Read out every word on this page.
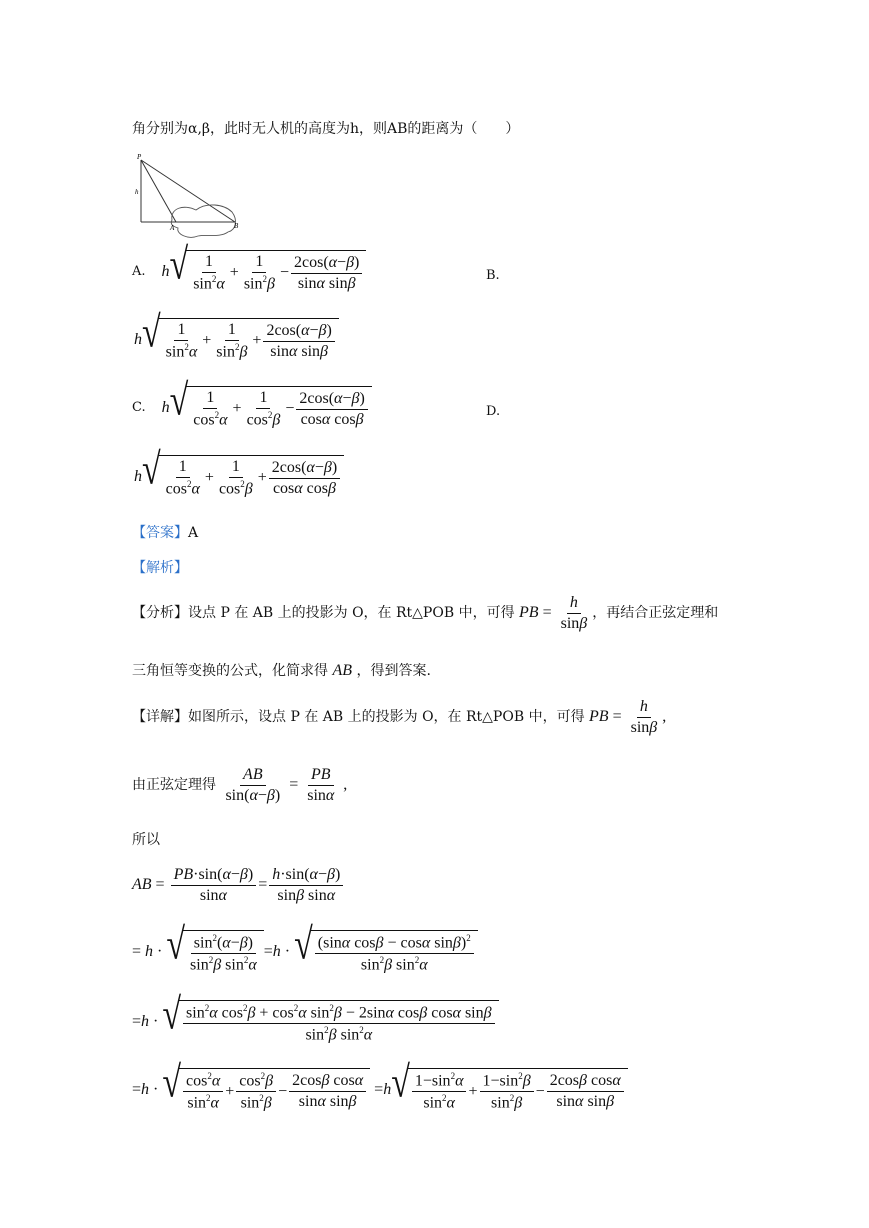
角分别为α,β，此时无人机的高度为h，则AB的距离为（　　）
P
h
A	B
A. h √ $\frac{1}{\sin^2\alpha} + \frac{1}{\sin^2\beta} - \frac{2\cos(\alpha-\beta)}{\text{sinα sinβ}}$	B.
h √ $\frac{1}{\sin^2\alpha} + \frac{1}{\sin^2\beta} + \frac{2\cos(\alpha-\beta)}{\text{sinα sinβ}}$
C. h √ $\frac{1}{\cos^2\alpha} + \frac{1}{\cos^2\beta} - \frac{2\cos(\alpha-\beta)}{\text{cosα cosβ}}$	D.
h √ $\frac{1}{\cos^2\alpha} + \frac{1}{\cos^2\beta} + \frac{2\cos(\alpha-\beta)}{\text{cosα cosβ}}$
【答案】A
【解析】
【分析】设点 P 在 AB 上的投影为 O，在 Rt△POB 中，可得 PB = $\frac{h}{\sin\beta}$ ，再结合正弦定理和
三角恒等变换的公式，化简求得 AB ，得到答案.
【详解】如图所示，设点 P 在 AB 上的投影为 O，在 Rt△POB 中，可得 PB = $\frac{h}{\sin\beta}$ ,
由正弦定理得 $\frac{AB}{\sin(\alpha-\beta)} = \frac{PB}{\sin\alpha}$ ,
所以
AB = $\frac{PB\cdot\sin(\alpha-\beta)}{\sin\alpha} = \frac{h\cdot\sin(\alpha-\beta)}{\text{sinβ sinα}}$
= h · √ $\frac{\sin^2(\alpha-\beta)}{\sin^2\beta \sin^2\alpha} =h$ · √ $\frac{(\sin\alpha \cos\beta - \cos\alpha \sin\beta)^2}{\sin^2\beta \sin^2\alpha}$
=h · √ $\frac{\sin^2\alpha \cos^2\beta + \cos^2\alpha \sin^2\beta - 2\sin\alpha \cos\beta \cos\alpha \sin\beta}{\sin^2\beta \sin^2\alpha}$
=h · √ $\frac{\cos^2\alpha}{\sin^2\alpha} + \frac{\cos^2\beta}{\sin^2\beta} - \frac{\text{2cosβ cosα}}{\text{sinα sinβ}} =h$ √ $\frac{1-\sin^2\alpha}{\sin^2\alpha} + \frac{1-\sin^2\beta}{\sin^2\beta} - \frac{\text{2cosβ cosα}}{\text{sinα sinβ}}$
